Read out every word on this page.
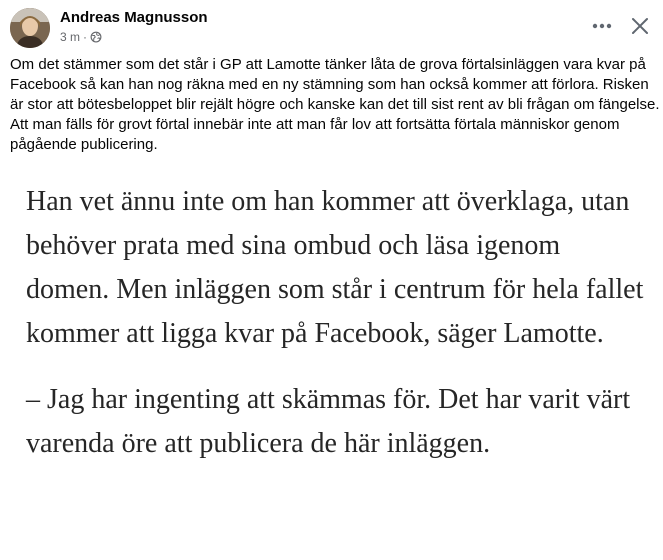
Andreas Magnusson
3 m ·
Om det stämmer som det står i GP att Lamotte tänker låta de grova förtalsinläggen vara kvar på Facebook så kan han nog räkna med en ny stämning som han också kommer att förlora. Risken är stor att bötesbeloppet blir rejält högre och kanske kan det till sist rent av bli frågan om fängelse. Att man fälls för grovt förtal innebär inte att man får lov att fortsätta förtala människor genom pågående publicering.

Han vet ännu inte om han kommer att överklaga, utan behöver prata med sina ombud och läsa igenom domen. Men inläggen som står i centrum för hela fallet kommer att ligga kvar på Facebook, säger Lamotte.

– Jag har ingenting att skämmas för. Det har varit värt varenda öre att publicera de här inläggen.
